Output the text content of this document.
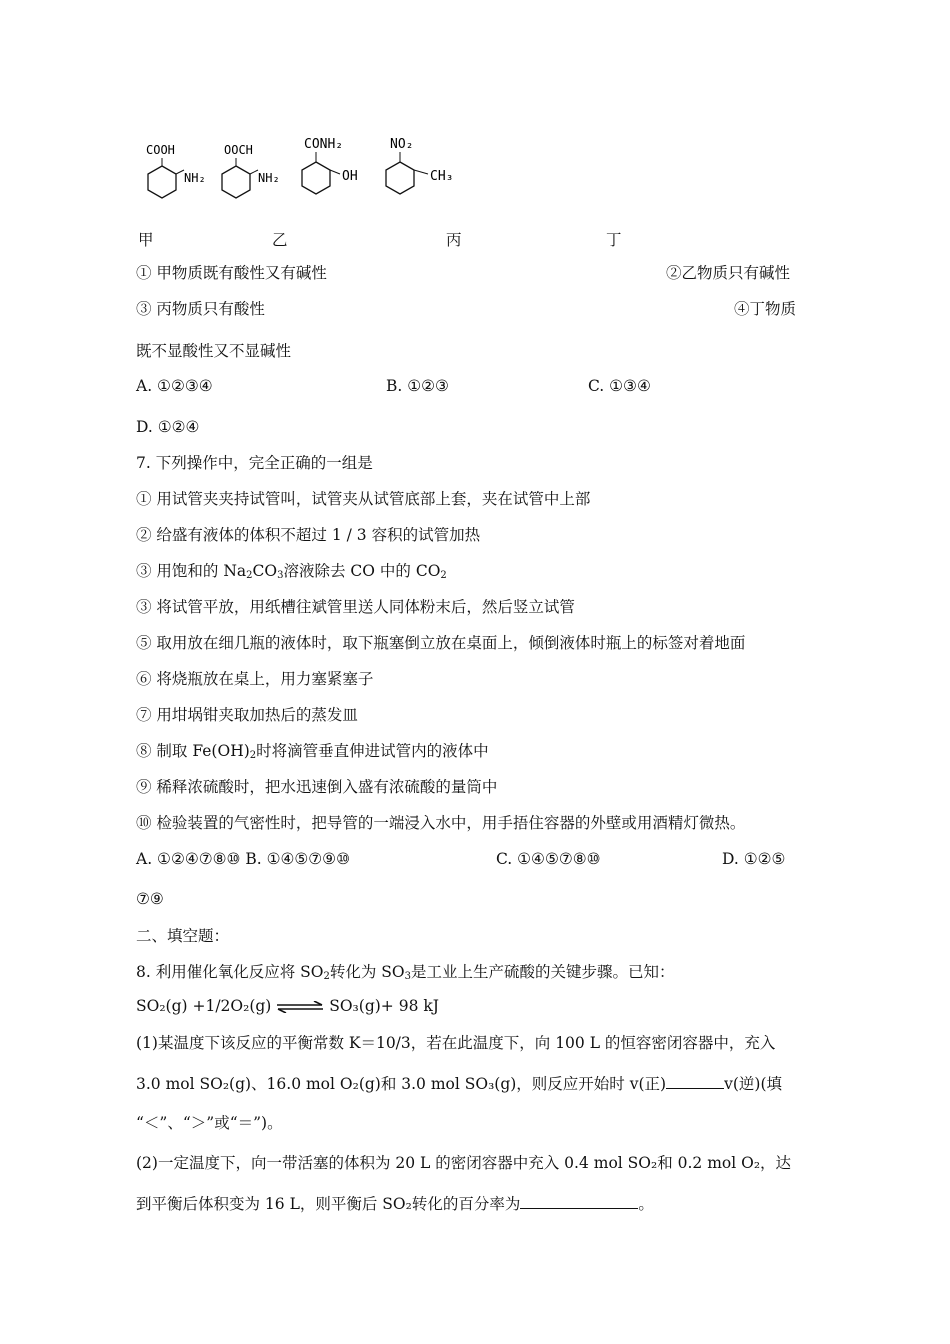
COOH
NH₂
OOCH
NH₂
CONH₂
OH
NO₂
CH₃
甲	乙	丙	丁
① 甲物质既有酸性又有碱性	②乙物质只有碱性
③ 丙物质只有酸性	④丁物质
既不显酸性又不显碱性
A. ①②③④	B. ①②③	C. ①③④
D. ①②④
7. 下列操作中，完全正确的一组是
① 用试管夹夹持试管叫，试管夹从试管底部上套，夹在试管中上部
② 给盛有液体的体积不超过 1 / 3 容积的试管加热
③ 用饱和的 $Na_2CO_3$溶液除去 CO 中的 $CO_2$
③ 将试管平放，用纸槽往斌管里送人同体粉末后，然后竖立试管
⑤ 取用放在细几瓶的液体时，取下瓶塞倒立放在桌面上，倾倒液体时瓶上的标签对着地面
⑥ 将烧瓶放在桌上，用力塞紧塞子
⑦ 用坩埚钳夹取加热后的蒸发皿
⑧ 制取 $Fe(OH)_2$时将滴管垂直伸进试管内的液体中
⑨ 稀释浓硫酸时，把水迅速倒入盛有浓硫酸的量筒中
⑩ 检验装置的气密性时，把导管的一端浸入水中，用手捂住容器的外壁或用酒精灯微热。
A. ①②④⑦⑧⑩ B. ①④⑤⑦⑨⑩	C. ①④⑤⑦⑧⑩	D. ①②⑤
⑦⑨
二、填空题：
8. 利用催化氧化反应将 $SO_2$转化为 $SO_3$是工业上生产硫酸的关键步骤。已知：
SO₂(g) +1/2O₂(g) ⇌ SO₃(g)+ 98 kJ
(1)某温度下该反应的平衡常数 K＝10/3，若在此温度下，向 100 L 的恒容密闭容器中，充入
3.0 mol SO₂(g)、16.0 mol O₂(g)和 3.0 mol SO₃(g)，则反应开始时 v(正)	v(逆)(填
“＜”、“＞”或“＝”)。
(2)一定温度下，向一带活塞的体积为 20 L 的密闭容器中充入 0.4 mol SO₂和 0.2 mol O₂，达
到平衡后体积变为 16 L，则平衡后 SO₂转化的百分率为	。
